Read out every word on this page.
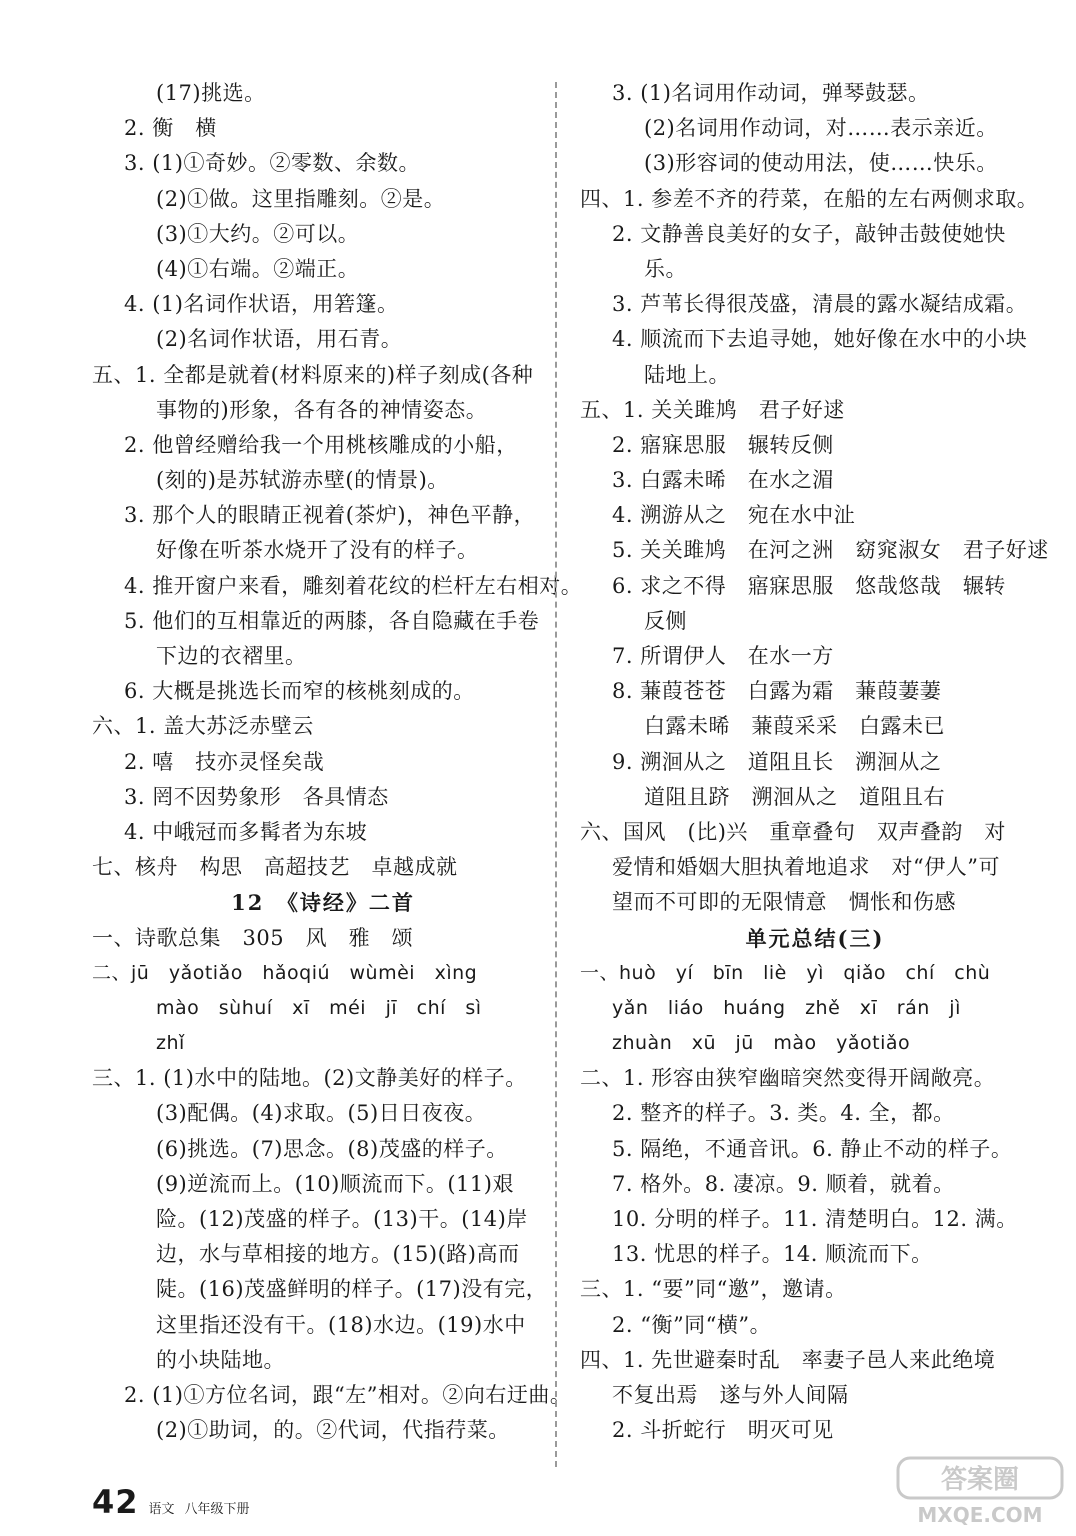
(17)挑选。
2. 衡　横
3. (1)①奇妙。②零数、余数。
(2)①做。这里指雕刻。②是。
(3)①大约。②可以。
(4)①右端。②端正。
4. (1)名词作状语，用箬篷。
(2)名词作状语，用石青。
五、1. 全都是就着(材料原来的)样子刻成(各种
事物的)形象，各有各的神情姿态。
2. 他曾经赠给我一个用桃核雕成的小船，
(刻的)是苏轼游赤壁(的情景)。
3. 那个人的眼睛正视着(茶炉)，神色平静，
好像在听茶水烧开了没有的样子。
4. 推开窗户来看，雕刻着花纹的栏杆左右相对。
5. 他们的互相靠近的两膝，各自隐藏在手卷
下边的衣褶里。
6. 大概是挑选长而窄的核桃刻成的。
六、1. 盖大苏泛赤壁云
2. 嘻　技亦灵怪矣哉
3. 罔不因势象形　各具情态
4. 中峨冠而多髯者为东坡
七、核舟　构思　高超技艺　卓越成就
12　《诗经》二首
一、诗歌总集　305　风　雅　颂
二、jū　yǎotiǎo　hǎoqiú　wùmèi　xìng
mào　sùhuí　xī　méi　jī　chí　sì
zhǐ
三、1. (1)水中的陆地。(2)文静美好的样子。
(3)配偶。(4)求取。(5)日日夜夜。
(6)挑选。(7)思念。(8)茂盛的样子。
(9)逆流而上。(10)顺流而下。(11)艰
险。(12)茂盛的样子。(13)干。(14)岸
边，水与草相接的地方。(15)(路)高而
陡。(16)茂盛鲜明的样子。(17)没有完，
这里指还没有干。(18)水边。(19)水中
的小块陆地。
2. (1)①方位名词，跟“左”相对。②向右迂曲。
(2)①助词，的。②代词，代指荇菜。
3. (1)名词用作动词，弹琴鼓瑟。
(2)名词用作动词，对……表示亲近。
(3)形容词的使动用法，使……快乐。
四、1. 参差不齐的荇菜，在船的左右两侧求取。
2. 文静善良美好的女子，敲钟击鼓使她快
乐。
3. 芦苇长得很茂盛，清晨的露水凝结成霜。
4. 顺流而下去追寻她，她好像在水中的小块
陆地上。
五、1. 关关雎鸠　君子好逑
2. 寤寐思服　辗转反侧
3. 白露未晞　在水之湄
4. 溯游从之　宛在水中沚
5. 关关雎鸠　在河之洲　窈窕淑女　君子好逑
6. 求之不得　寤寐思服　悠哉悠哉　辗转
反侧
7. 所谓伊人　在水一方
8. 蒹葭苍苍　白露为霜　蒹葭萋萋
白露未晞　蒹葭采采　白露未已
9. 溯洄从之　道阻且长　溯洄从之
道阻且跻　溯洄从之　道阻且右
六、国风　(比)兴　重章叠句　双声叠韵　对
爱情和婚姻大胆执着地追求　对“伊人”可
望而不可即的无限情意　惆怅和伤感
单元总结(三)
一、huò　yí　bīn　liè　yì　qiǎo　chí　chù
yǎn　liáo　huáng　zhě　xī　rán　jì
zhuàn　xū　jū　mào　yǎotiǎo
二、1. 形容由狭窄幽暗突然变得开阔敞亮。
2. 整齐的样子。3. 类。4. 全，都。
5. 隔绝，不通音讯。6. 静止不动的样子。
7. 格外。8. 凄凉。9. 顺着，就着。
10. 分明的样子。11. 清楚明白。12. 满。
13. 忧思的样子。14. 顺流而下。
三、1. “要”同“邀”，邀请。
2. “衡”同“横”。
四、1. 先世避秦时乱　率妻子邑人来此绝境
不复出焉　遂与外人间隔
2. 斗折蛇行　明灭可见
42 语文 八年级下册
答案圈
MXQE.COM
